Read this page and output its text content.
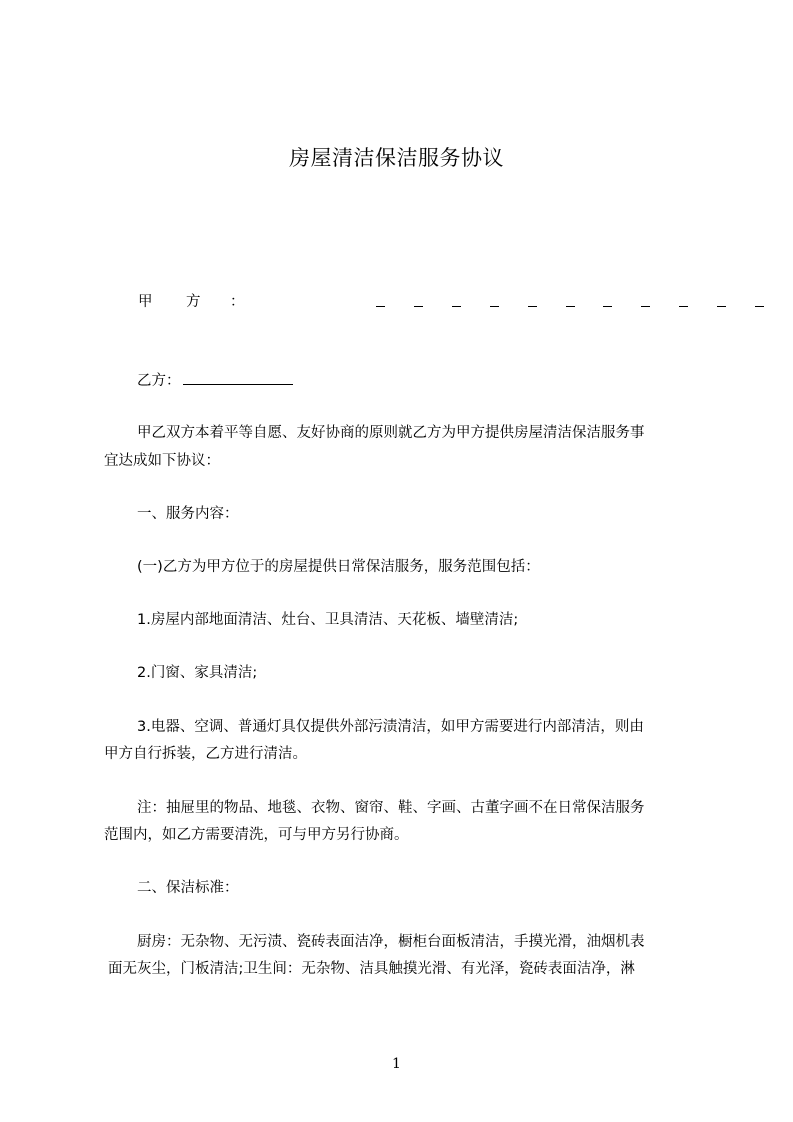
房屋清洁保洁服务协议
甲 方 ：
乙方：
甲乙双方本着平等自愿、友好协商的原则就乙方为甲方提供房屋清洁保洁服务事
宜达成如下协议：
一、服务内容：
(一)乙方为甲方位于的房屋提供日常保洁服务，服务范围包括：
1.房屋内部地面清洁、灶台、卫具清洁、天花板、墙壁清洁;
2.门窗、家具清洁;
3.电器、空调、普通灯具仅提供外部污渍清洁，如甲方需要进行内部清洁，则由
甲方自行拆装，乙方进行清洁。
注：抽屉里的物品、地毯、衣物、窗帘、鞋、字画、古董字画不在日常保洁服务
范围内，如乙方需要清洗，可与甲方另行协商。
二、保洁标准：
厨房：无杂物、无污渍、瓷砖表面洁净，橱柜台面板清洁，手摸光滑，油烟机表
面无灰尘，门板清洁;卫生间：无杂物、洁具触摸光滑、有光泽，瓷砖表面洁净，淋
1
